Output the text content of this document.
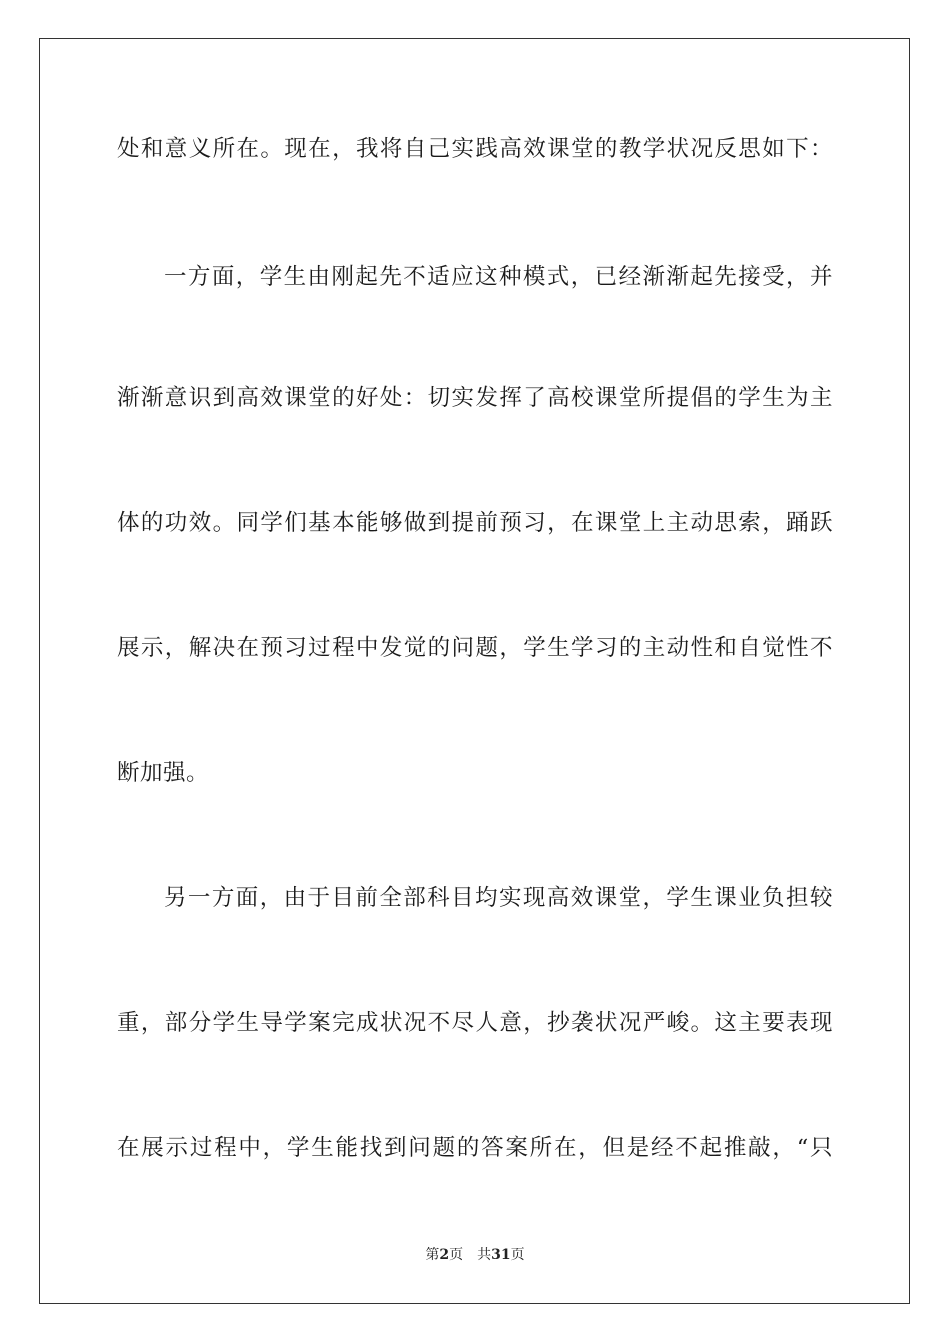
处和意义所在。现在，我将自己实践高效课堂的教学状况反思如下：
一方面，学生由刚起先不适应这种模式，已经渐渐起先接受，并
渐渐意识到高效课堂的好处：切实发挥了高校课堂所提倡的学生为主
体的功效。同学们基本能够做到提前预习，在课堂上主动思索，踊跃
展示，解决在预习过程中发觉的问题，学生学习的主动性和自觉性不
断加强。
另一方面，由于目前全部科目均实现高效课堂，学生课业负担较
重，部分学生导学案完成状况不尽人意，抄袭状况严峻。这主要表现
在展示过程中，学生能找到问题的答案所在，但是经不起推敲，“只
第2页 共31页
